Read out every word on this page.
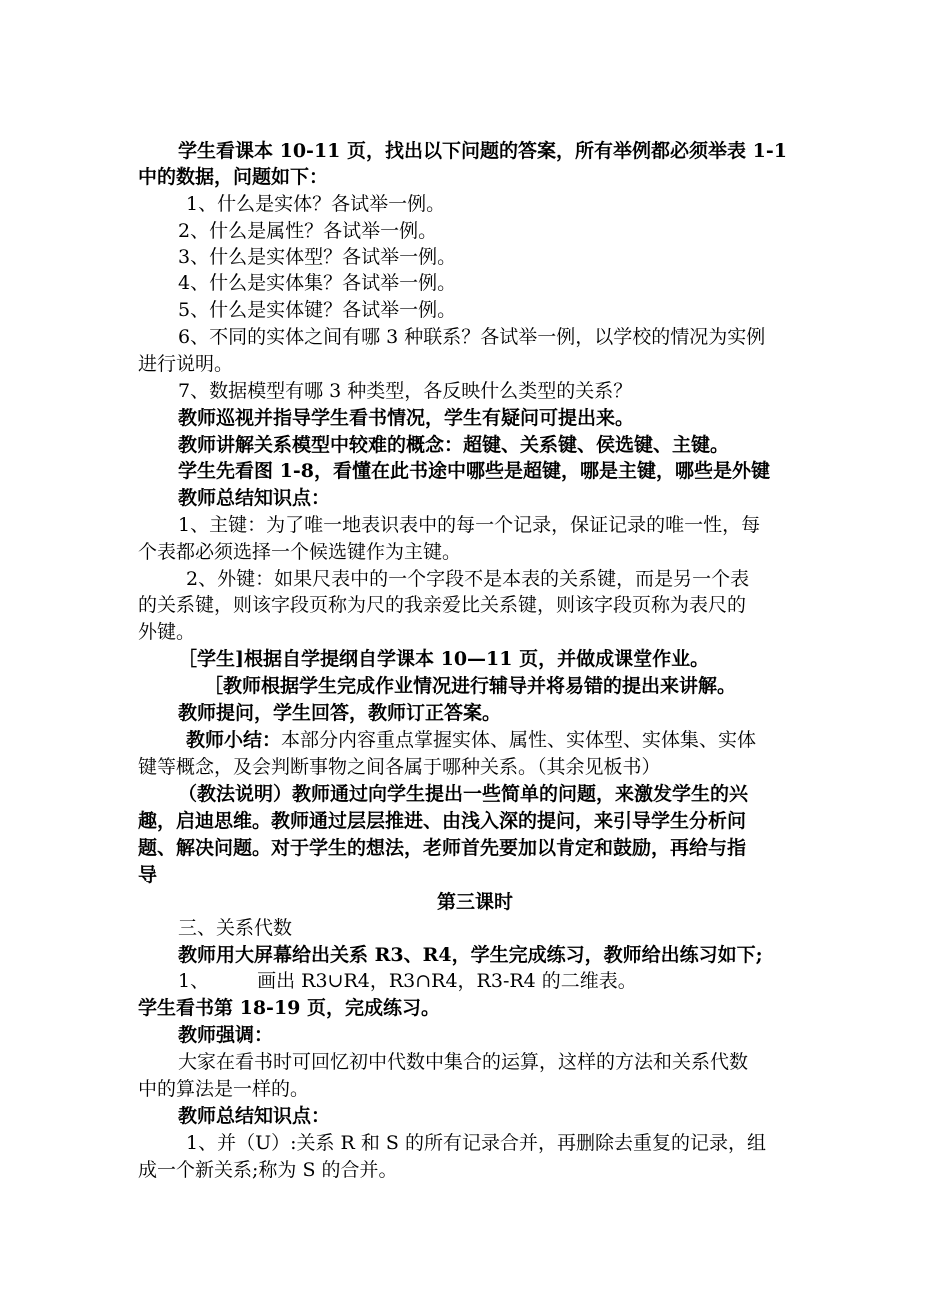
学生看课本 10-11 页，找出以下问题的答案，所有举例都必须举表 1-1
中的数据，问题如下：
1、什么是实体？各试举一例。
2、什么是属性？各试举一例。
3、什么是实体型？各试举一例。
4、什么是实体集？各试举一例。
5、什么是实体键？各试举一例。
6、不同的实体之间有哪 3 种联系？各试举一例，以学校的情况为实例
进行说明。
7、数据模型有哪 3 种类型，各反映什么类型的关系？
教师巡视并指导学生看书情况，学生有疑问可提出来。
教师讲解关系模型中较难的概念：超键、关系键、侯选键、主键。
学生先看图 1-8，看懂在此书途中哪些是超键，哪是主键，哪些是外键
教师总结知识点：
1、主键：为了唯一地表识表中的每一个记录，保证记录的唯一性，每
个表都必须选择一个候选键作为主键。
2、外键：如果尺表中的一个字段不是本表的关系键，而是另一个表
的关系键，则该字段页称为尺的我亲爱比关系键，则该字段页称为表尺的
外键。
［学生]根据自学提纲自学课本 10—11 页，并做成课堂作业。
［教师根据学生完成作业情况进行辅导并将易错的提出来讲解。
教师提问，学生回答，教师订正答案。
教师小结：本部分内容重点掌握实体、属性、实体型、实体集、实体
键等概念，及会判断事物之间各属于哪种关系。（其余见板书）
（教法说明）教师通过向学生提出一些简单的问题，来激发学生的兴
趣，启迪思维。教师通过层层推进、由浅入深的提问，来引导学生分析问
题、解决问题。对于学生的想法，老师首先要加以肯定和鼓励，再给与指
导
第三课时
三、关系代数
教师用大屏幕给出关系 R3、R4，学生完成练习，教师给出练习如下;
1、	画出 R3∪R4，R3∩R4，R3-R4 的二维表。
学生看书第 18-19 页，完成练习。
教师强调：
大家在看书时可回忆初中代数中集合的运算，这样的方法和关系代数
中的算法是一样的。
教师总结知识点：
1、并（U）:关系 R 和 S 的所有记录合并，再删除去重复的记录，组
成一个新关系;称为 S 的合并。
